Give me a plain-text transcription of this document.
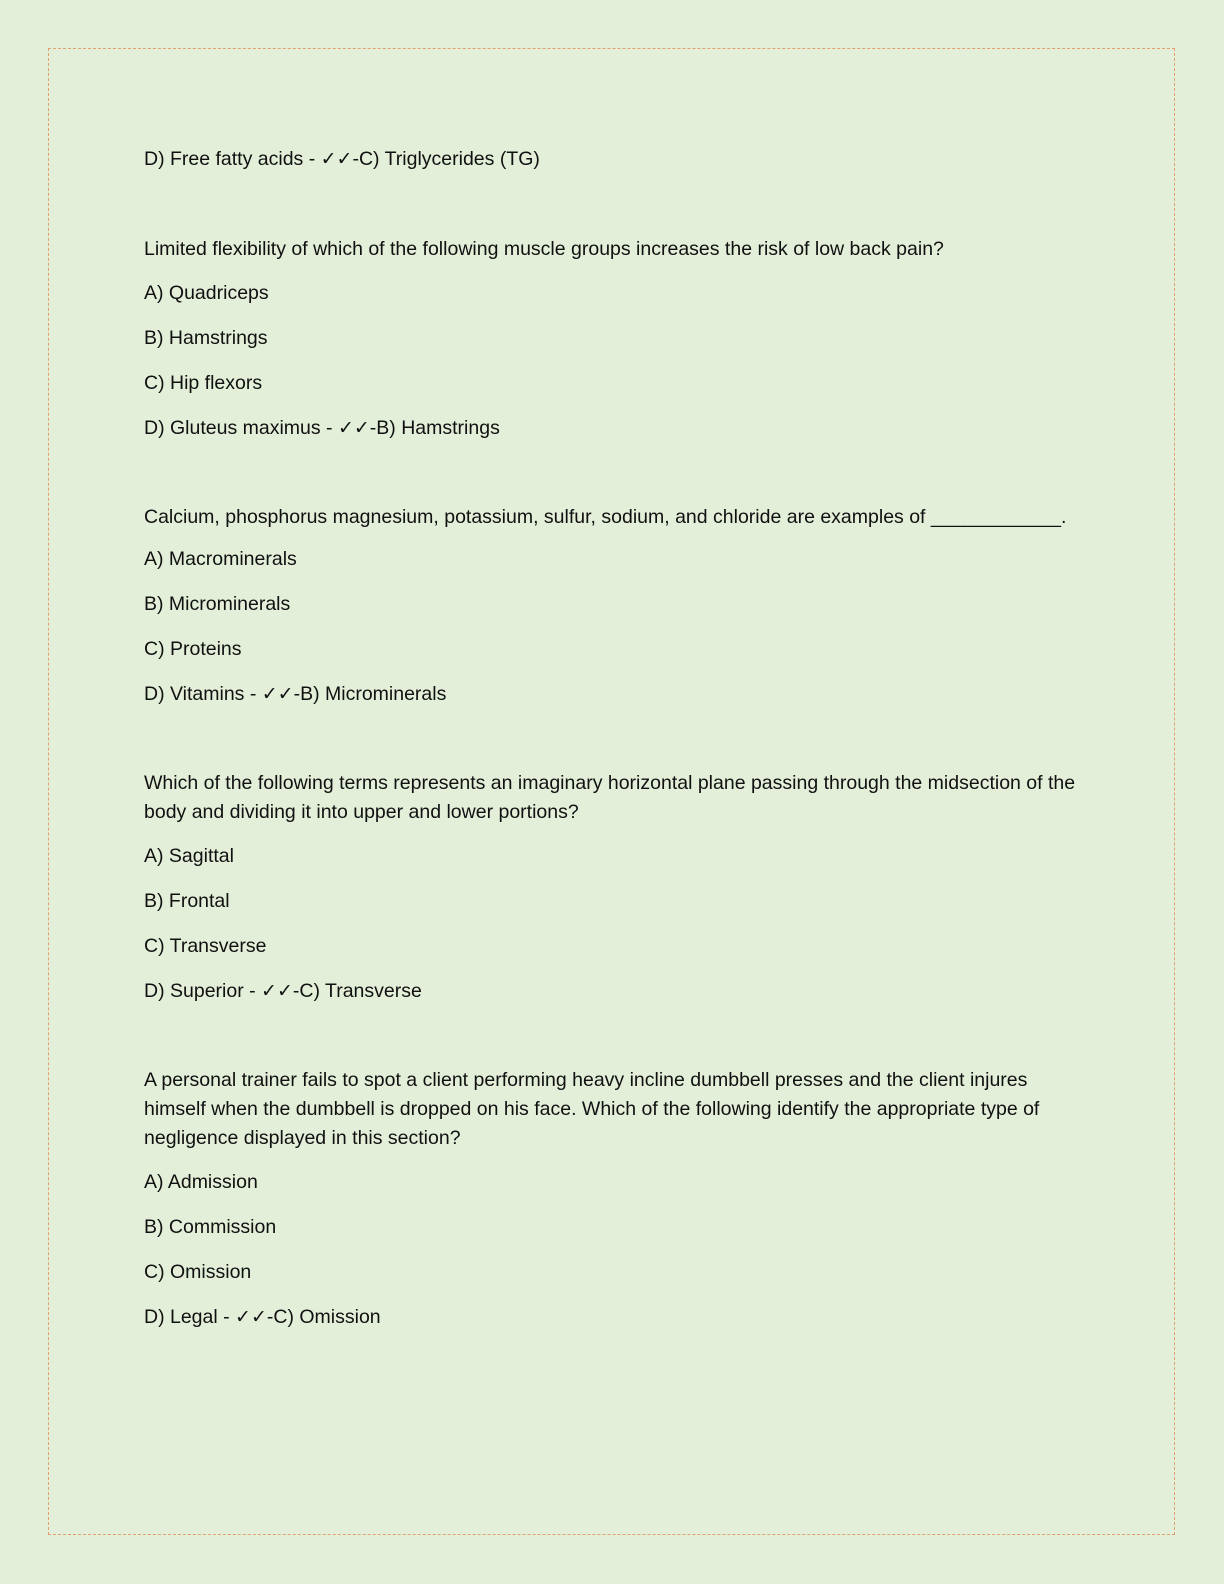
D) Free fatty acids - ✓✓-C) Triglycerides (TG)

Limited flexibility of which of the following muscle groups increases the risk of low back pain?

A) Quadriceps

B) Hamstrings

C) Hip flexors

D) Gluteus maximus - ✓✓-B) Hamstrings

Calcium, phosphorus magnesium, potassium, sulfur, sodium, and chloride are examples of ____________.

A) Macrominerals

B) Microminerals

C) Proteins

D) Vitamins - ✓✓-B) Microminerals

Which of the following terms represents an imaginary horizontal plane passing through the midsection of the body and dividing it into upper and lower portions?

A) Sagittal

B) Frontal

C) Transverse

D) Superior - ✓✓-C) Transverse

A personal trainer fails to spot a client performing heavy incline dumbbell presses and the client injures himself when the dumbbell is dropped on his face. Which of the following identify the appropriate type of negligence displayed in this section?

A) Admission

B) Commission

C) Omission

D) Legal - ✓✓-C) Omission
